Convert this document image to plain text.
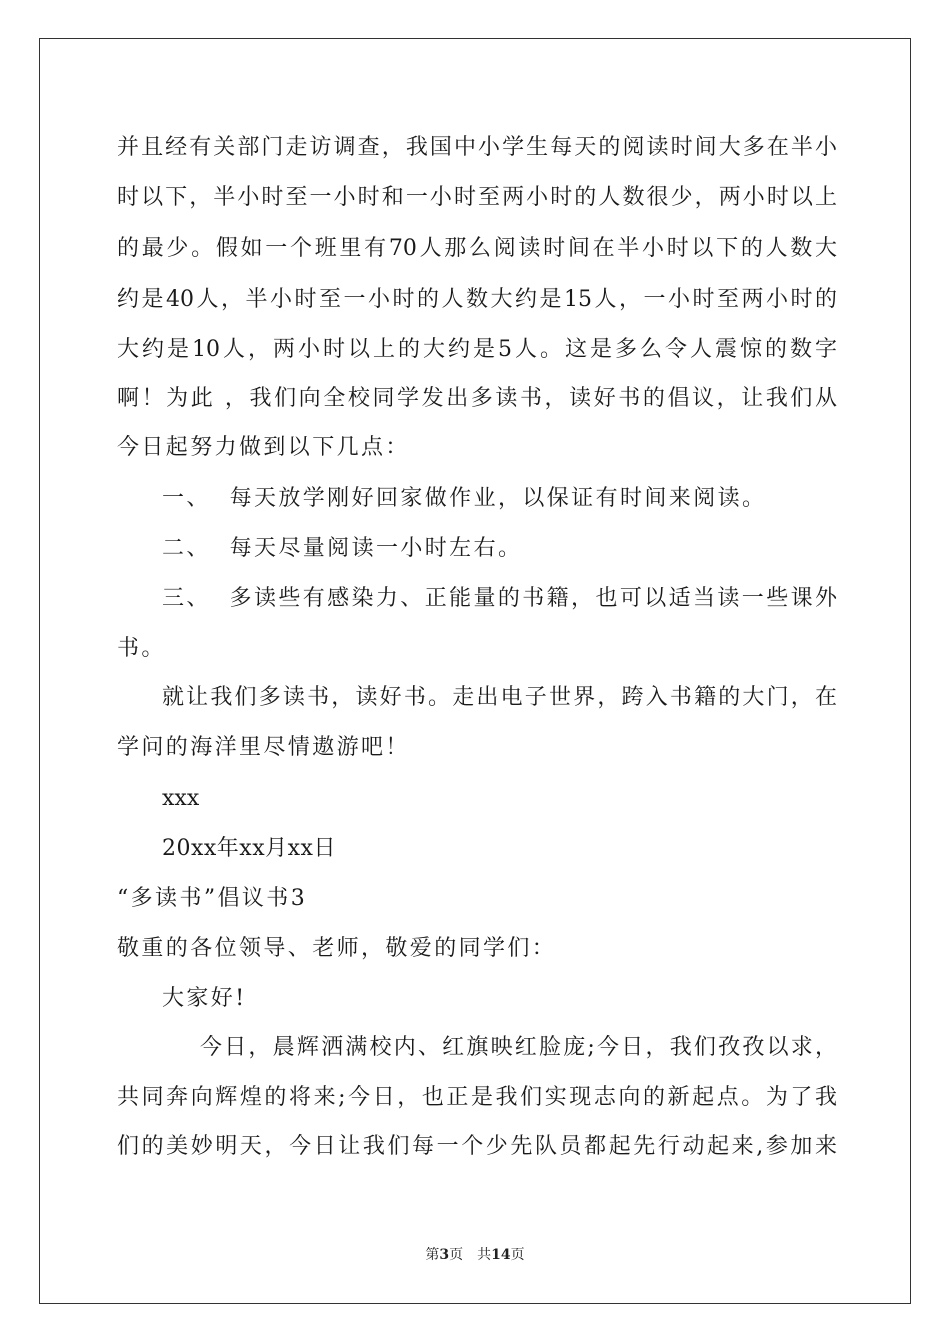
并且经有关部门走访调查，我国中小学生每天的阅读时间大多在半小
时以下，半小时至一小时和一小时至两小时的人数很少，两小时以上
的最少。假如一个班里有70人那么阅读时间在半小时以下的人数大
约是40人，半小时至一小时的人数大约是15人，一小时至两小时的
大约是10人，两小时以上的大约是5人。这是多么令人震惊的数字
啊！为此 ，我们向全校同学发出多读书，读好书的倡议，让我们从
今日起努力做到以下几点：
一、  每天放学刚好回家做作业，以保证有时间来阅读。
二、  每天尽量阅读一小时左右。
三、  多读些有感染力、正能量的书籍，也可以适当读一些课外
书。
就让我们多读书，读好书。走出电子世界，跨入书籍的大门，在
学问的海洋里尽情遨游吧！
xxx
20xx年xx月xx日
“多读书”倡议书3
敬重的各位领导、老师，敬爱的同学们：
大家好!
今日，晨辉洒满校内、红旗映红脸庞;今日，我们孜孜以求，
共同奔向辉煌的将来;今日，也正是我们实现志向的新起点。为了我
们的美妙明天，今日让我们每一个少先队员都起先行动起来,参加来
第3页 共14页
